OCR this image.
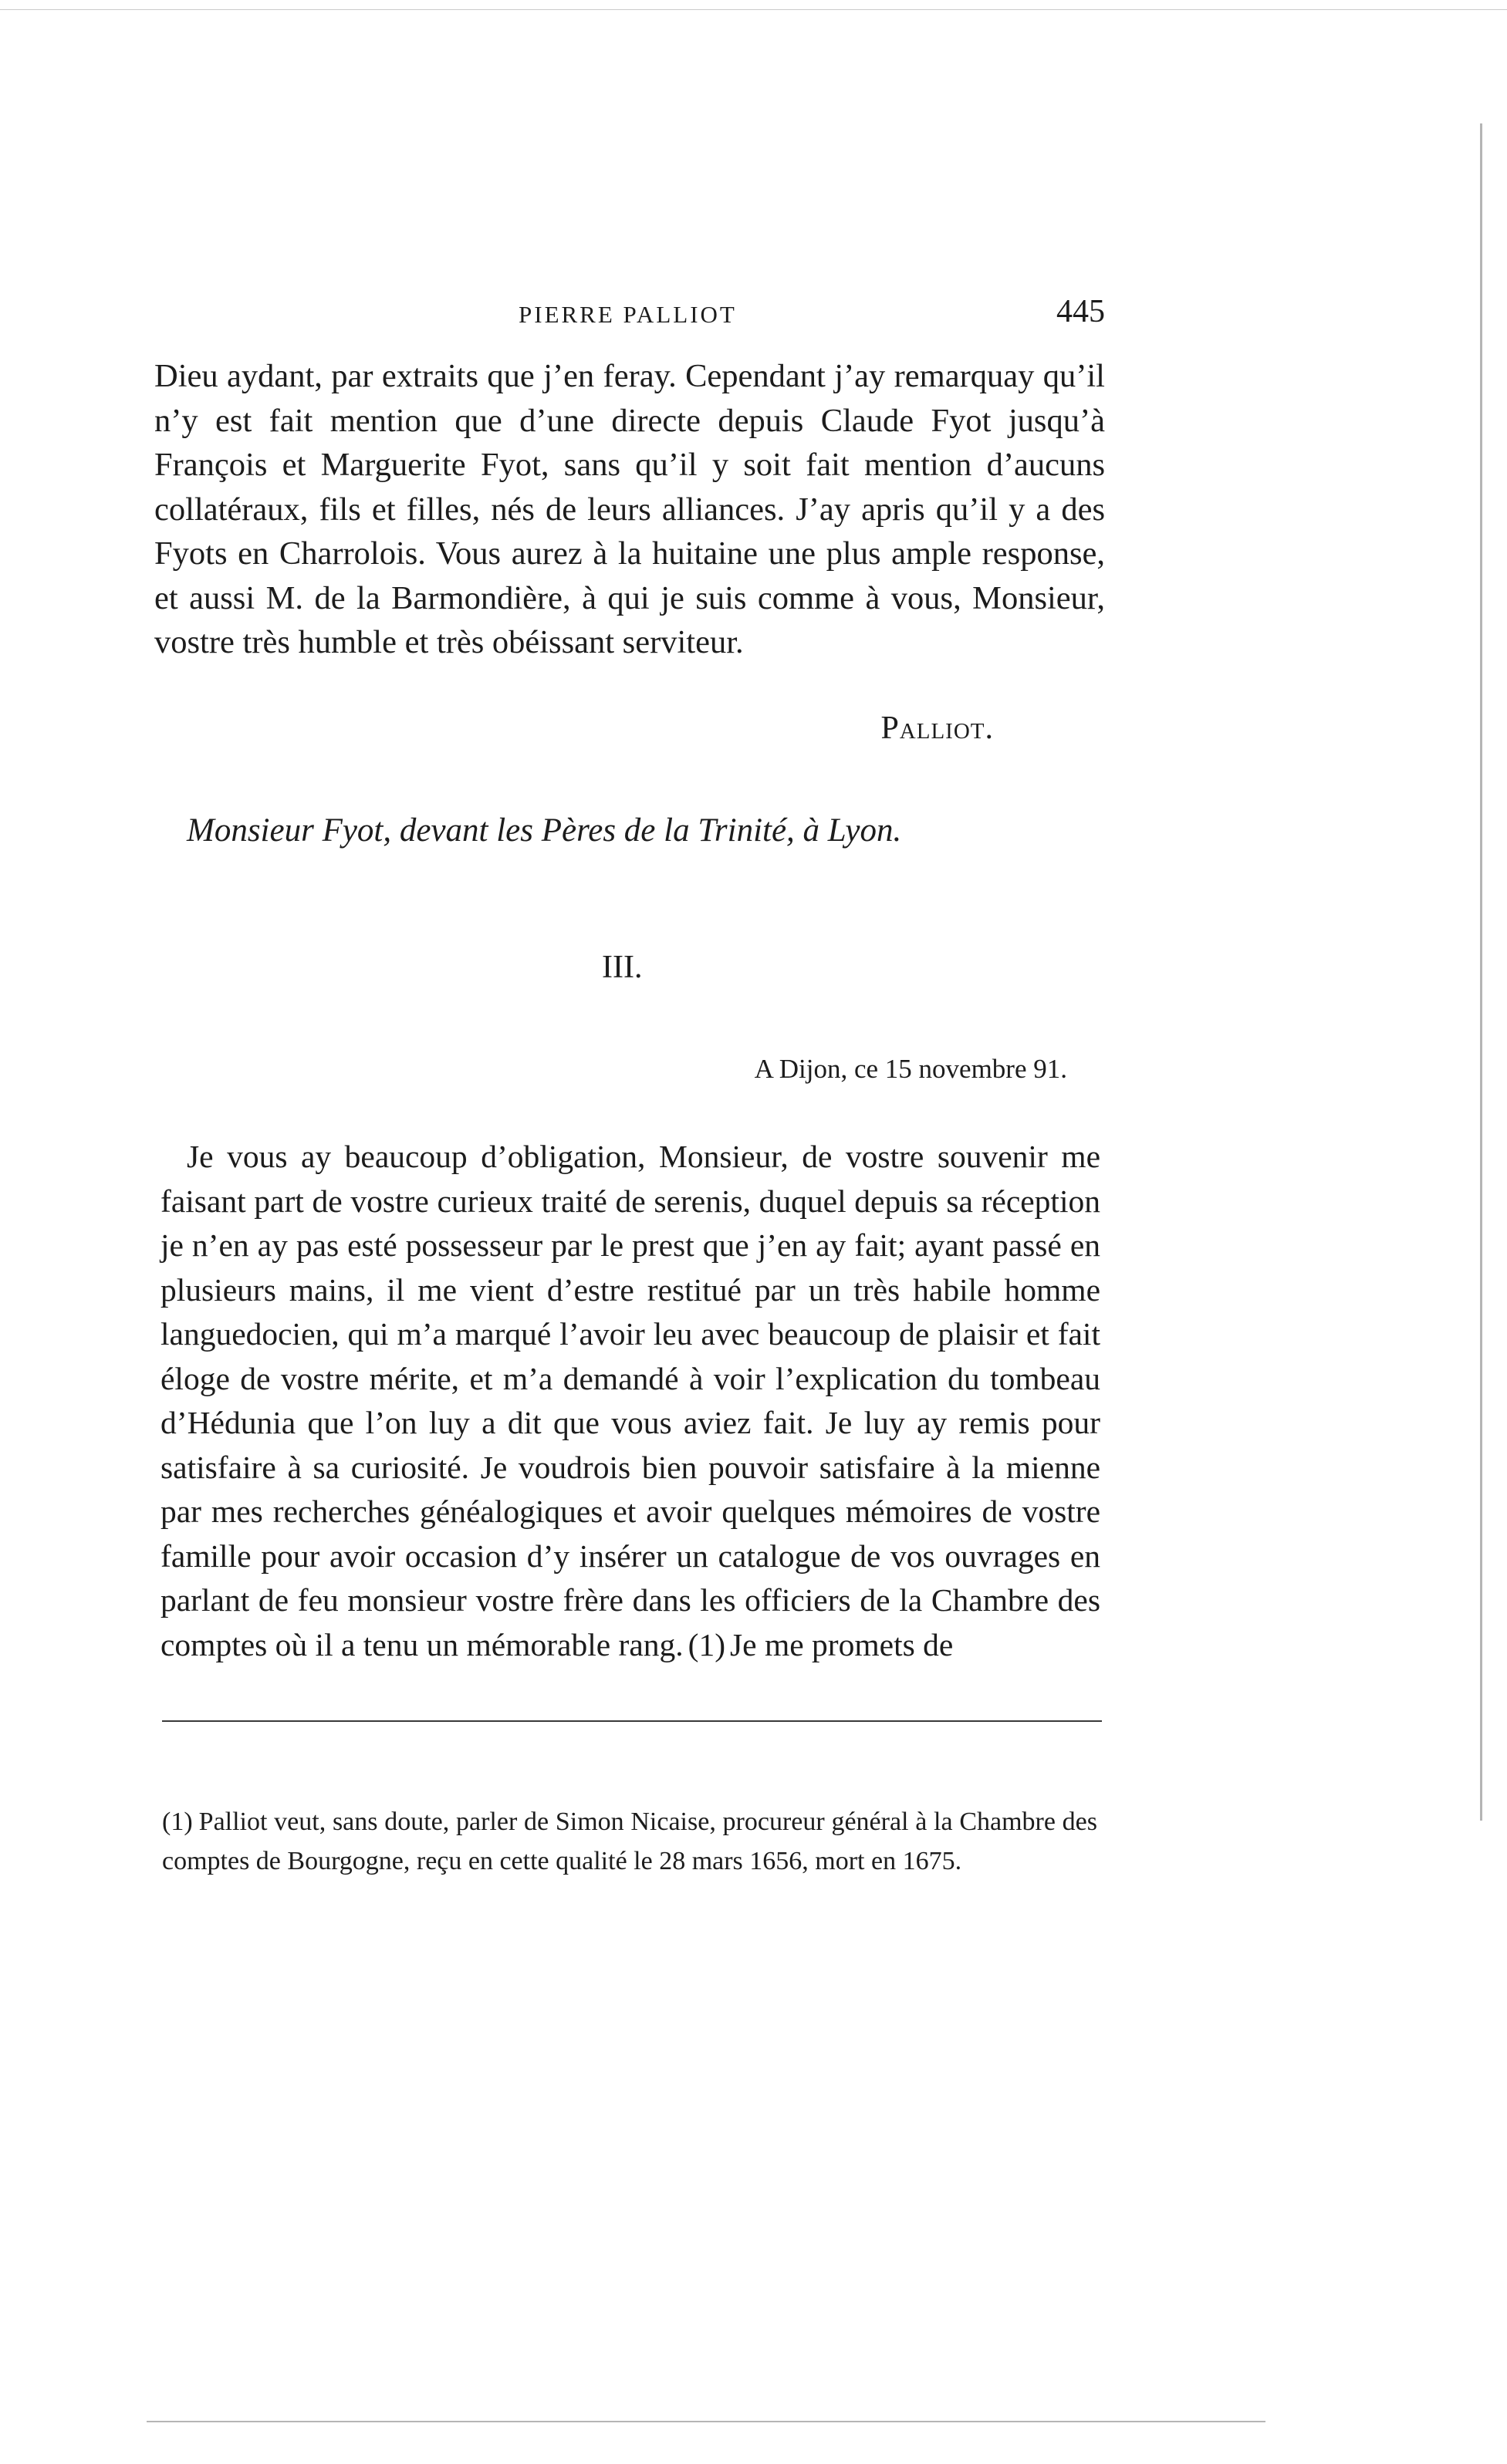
PIERRE PALLIOT	445

Dieu aydant, par extraits que j’en feray. Cependant j’ay remarquay qu’il n’y est fait mention que d’une directe depuis Claude Fyot jusqu’à François et Marguerite Fyot, sans qu’il y soit fait mention d’aucuns collatéraux, fils et filles, nés de leurs alliances. J’ay apris qu’il y a des Fyots en Charrolois. Vous aurez à la huitaine une plus ample response, et aussi M. de la Barmondière, à qui je suis comme à vous, Monsieur, vostre très humble et très obéissant serviteur.

Palliot.
Monsieur Fyot, devant les Pères de la Trinité, à Lyon.
III.
A Dijon, ce 15 novembre 91.

Je vous ay beaucoup d’obligation, Monsieur, de vostre souvenir me faisant part de vostre curieux traité de serenis, duquel depuis sa réception je n’en ay pas esté possesseur par le prest que j’en ay fait; ayant passé en plusieurs mains, il me vient d’estre restitué par un très habile homme languedocien, qui m’a marqué l’avoir leu avec beaucoup de plaisir et fait éloge de vostre mérite, et m’a demandé à voir l’explication du tombeau d’Hédunia que l’on luy a dit que vous aviez fait. Je luy ay remis pour satisfaire à sa curiosité. Je voudrois bien pouvoir satisfaire à la mienne par mes recherches généalogiques et avoir quelques mémoires de vostre famille pour avoir occasion d’y insérer un catalogue de vos ouvrages en parlant de feu monsieur vostre frère dans les officiers de la Chambre des comptes où il a tenu un mémorable rang. (1) Je me promets de

(1) Palliot veut, sans doute, parler de Simon Nicaise, procureur général à la Chambre des comptes de Bourgogne, reçu en cette qualité le 28 mars 1656, mort en 1675.
